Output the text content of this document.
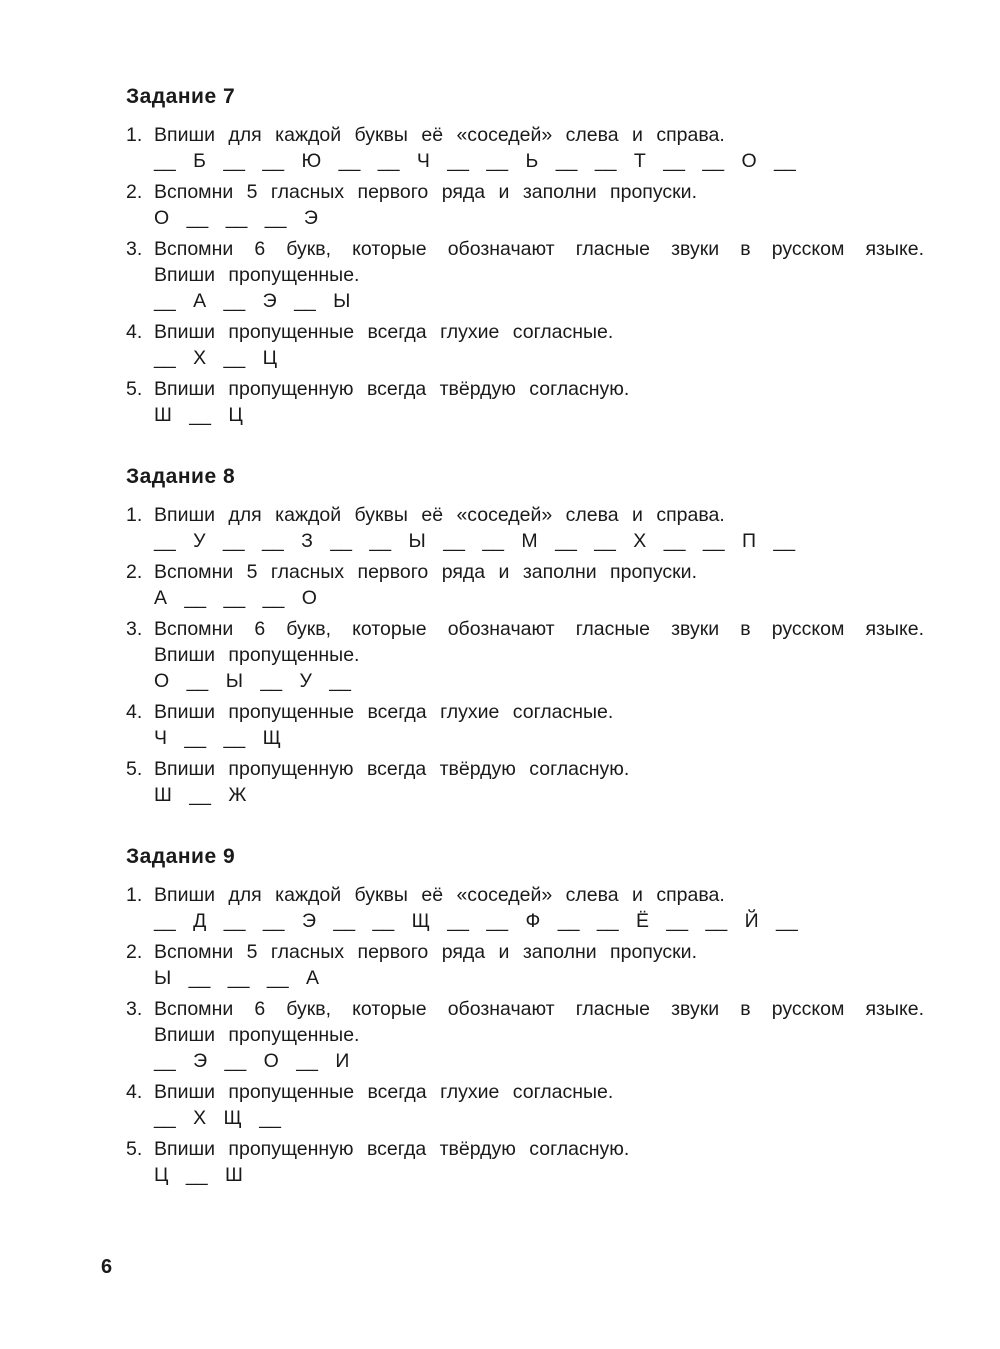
Задание 7
1. Впиши для каждой буквы её «соседей» слева и справа.
__ Б __ __ Ю __ __ Ч __ __ Ь __ __ Т __ __ О __
2. Вспомни 5 гласных первого ряда и заполни пропуски.
О __ __ __ Э
3. Вспомни 6 букв, которые обозначают гласные звуки в русском языке. Впиши пропущенные.
__ А __ Э __ Ы
4. Впиши пропущенные всегда глухие согласные.
__ Х __ Ц
5. Впиши пропущенную всегда твёрдую согласную.
Ш __ Ц
Задание 8
1. Впиши для каждой буквы её «соседей» слева и справа.
__ У __ __ З __ __ Ы __ __ М __ __ Х __ __ П __
2. Вспомни 5 гласных первого ряда и заполни пропуски.
А __ __ __ О
3. Вспомни 6 букв, которые обозначают гласные звуки в русском языке. Впиши пропущенные.
О __ Ы __ У __
4. Впиши пропущенные всегда глухие согласные.
Ч __ __ Щ
5. Впиши пропущенную всегда твёрдую согласную.
Ш __ Ж
Задание 9
1. Впиши для каждой буквы её «соседей» слева и справа.
__ Д __ __ Э __ __ Щ __ __ Ф __ __ Ё __ __ Й __
2. Вспомни 5 гласных первого ряда и заполни пропуски.
Ы __ __ __ А
3. Вспомни 6 букв, которые обозначают гласные звуки в русском языке. Впиши пропущенные.
__ Э __ О __ И
4. Впиши пропущенные всегда глухие согласные.
__ Х Щ __
5. Впиши пропущенную всегда твёрдую согласную.
Ц __ Ш
6
